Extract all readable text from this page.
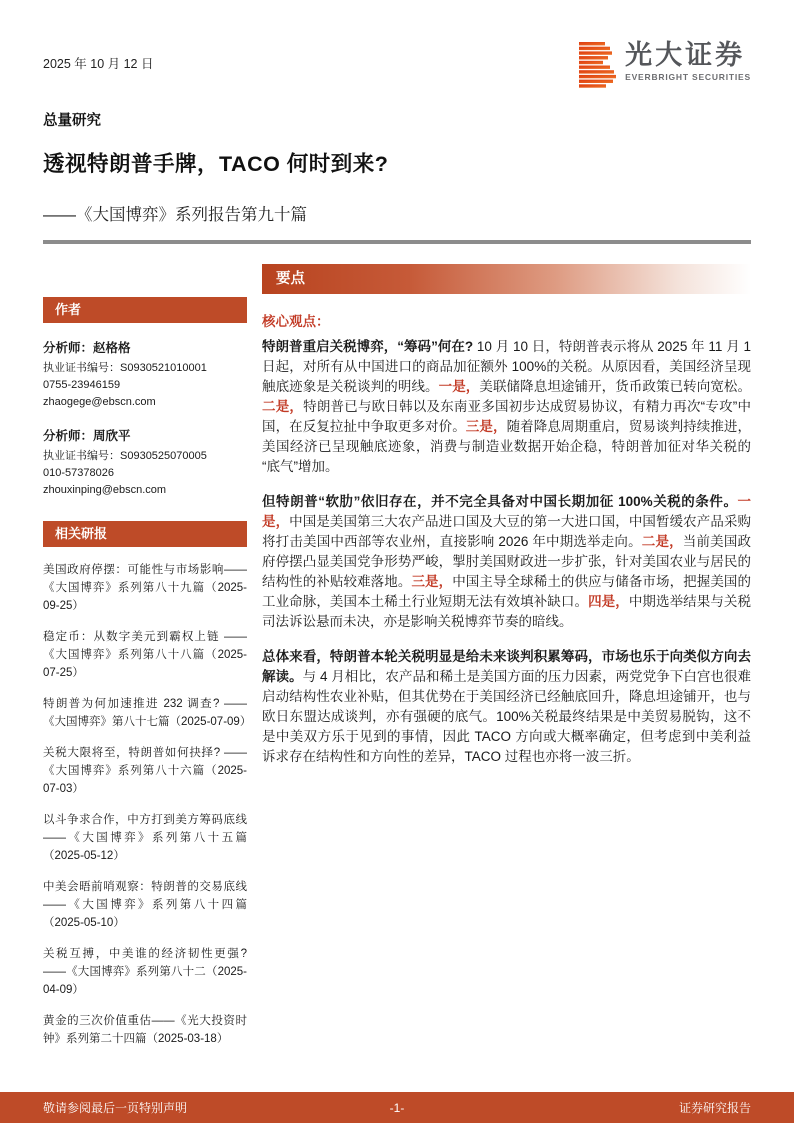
2025 年 10 月 12 日	光大证券
EVERBRIGHT SECURITIES
总量研究
透视特朗普手牌，TACO 何时到来?
——《大国博弈》系列报告第九十篇
作者
分析师：赵格格
执业证书编号：S0930521010001
0755-23946159
zhaogege@ebscn.com
分析师：周欣平
执业证书编号：S0930525070005
010-57378026
zhouxinping@ebscn.com
相关研报
美国政府停摆：可能性与市场影响——《大国博弈》系列第八十九篇（2025-09-25）
稳定币：从数字美元到霸权上链 ——《大国博弈》系列第八十八篇（2025-07-25）
特朗普为何加速推进 232 调查? ——《大国博弈》第八十七篇（2025-07-09）
关税大限将至，特朗普如何抉择? ——《大国博弈》系列第八十六篇（2025-07-03）
以斗争求合作，中方打到美方筹码底线——《大国博弈》系列第八十五篇（2025-05-12）
中美会晤前哨观察：特朗普的交易底线——《大国博弈》系列第八十四篇（2025-05-10）
关税互搏，中美谁的经济韧性更强? ——《大国博弈》系列第八十二（2025-04-09）
黄金的三次价值重估——《光大投资时钟》系列第二十四篇（2025-03-18）
要点
核心观点：

特朗普重启关税博弈，“筹码”何在? 10 月 10 日，特朗普表示将从 2025 年 11 月 1 日起，对所有从中国进口的商品加征额外 100%的关税。从原因看，美国经济呈现触底迹象是关税谈判的明线。一是，美联储降息坦途铺开，货币政策已转向宽松。二是，特朗普已与欧日韩以及东南亚多国初步达成贸易协议，有精力再次“专攻”中国，在反复拉扯中争取更多对价。三是，随着降息周期重启，贸易谈判持续推进，美国经济已呈现触底迹象，消费与制造业数据开始企稳，特朗普加征对华关税的“底气”增加。

但特朗普“软肋”依旧存在，并不完全具备对中国长期加征 100%关税的条件。一是，中国是美国第三大农产品进口国及大豆的第一大进口国，中国暂缓农产品采购将打击美国中西部等农业州，直接影响 2026 年中期选举走向。二是，当前美国政府停摆凸显美国党争形势严峻，掣肘美国财政进一步扩张，针对美国农业与居民的结构性的补贴较难落地。三是，中国主导全球稀土的供应与储备市场，把握美国的工业命脉，美国本土稀土行业短期无法有效填补缺口。四是，中期选举结果与关税司法诉讼悬而未决，亦是影响关税博弈节奏的暗线。

总体来看，特朗普本轮关税明显是给未来谈判积累筹码，市场也乐于向类似方向去解读。与 4 月相比，农产品和稀土是美国方面的压力因素，两党党争下白宫也很难启动结构性农业补贴，但其优势在于美国经济已经触底回升，降息坦途铺开，也与欧日东盟达成谈判，亦有强硬的底气。100%关税最终结果是中美贸易脱钩，这不是中美双方乐于见到的事情，因此 TACO 方向或大概率确定，但考虑到中美利益诉求存在结构性和方向性的差异，TACO 过程也亦将一波三折。

敬请参阅最后一页特别声明	-1-	证券研究报告
